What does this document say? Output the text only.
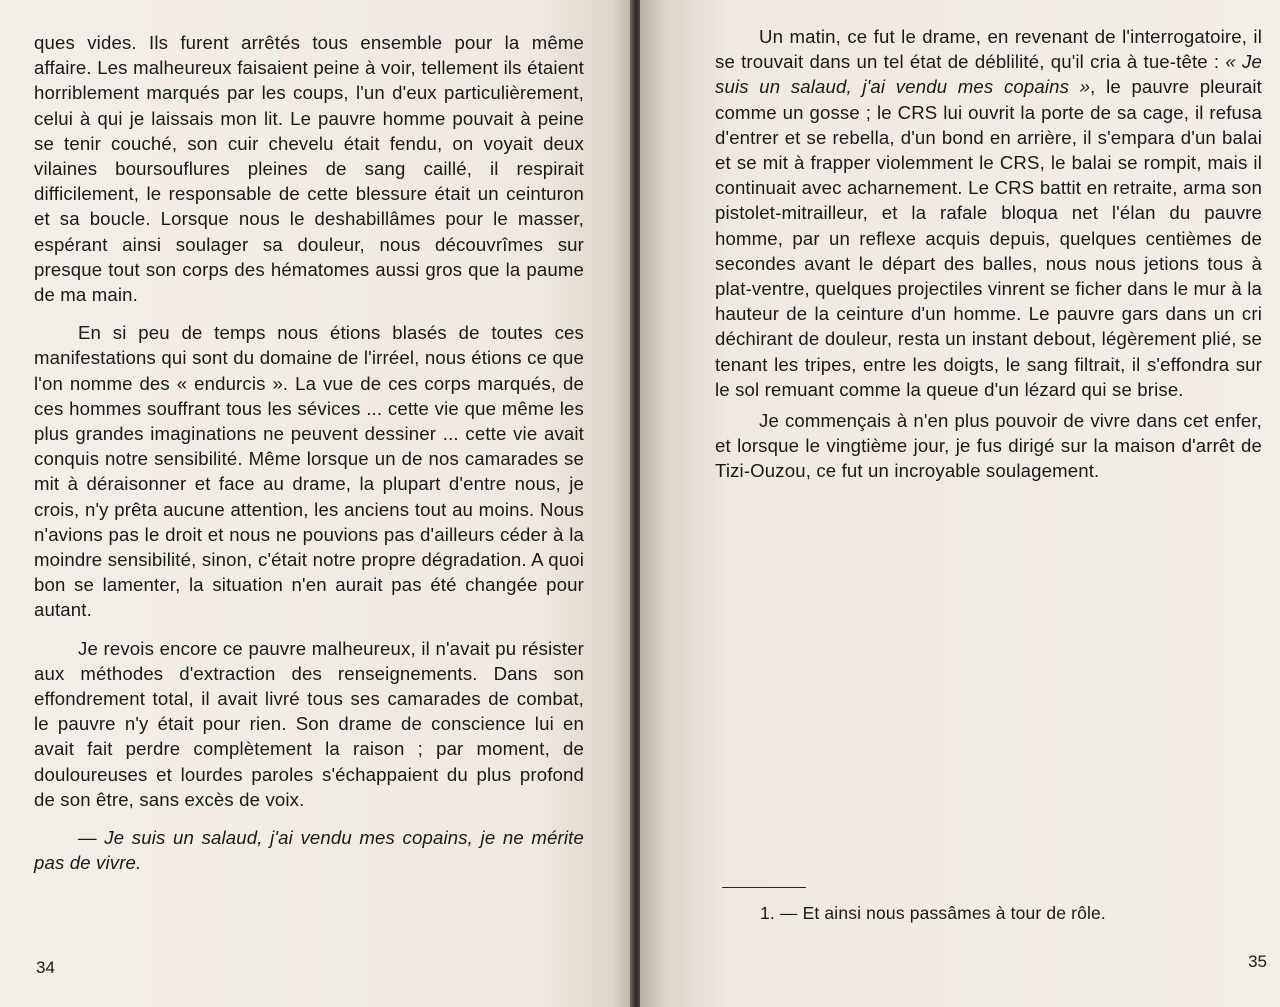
ques vides. Ils furent arrêtés tous ensemble pour la même affaire. Les malheureux faisaient peine à voir, tellement ils étaient horriblement marqués par les coups, l'un d'eux particulièrement, celui à qui je laissais mon lit. Le pauvre homme pouvait à peine se tenir couché, son cuir chevelu était fendu, on voyait deux vilaines boursouflures pleines de sang caillé, il respirait difficilement, le responsable de cette blessure était un ceinturon et sa boucle. Lorsque nous le deshabillâmes pour le masser, espérant ainsi soulager sa douleur, nous découvrîmes sur presque tout son corps des hématomes aussi gros que la paume de ma main.

En si peu de temps nous étions blasés de toutes ces manifestations qui sont du domaine de l'irréel, nous étions ce que l'on nomme des « endurcis ». La vue de ces corps marqués, de ces hommes souffrant tous les sévices ... cette vie que même les plus grandes imaginations ne peuvent dessiner ... cette vie avait conquis notre sensibilité. Même lorsque un de nos camarades se mit à déraisonner et face au drame, la plupart d'entre nous, je crois, n'y prêta aucune attention, les anciens tout au moins. Nous n'avions pas le droit et nous ne pouvions pas d'ailleurs céder à la moindre sensibilité, sinon, c'était notre propre dégradation. A quoi bon se lamenter, la situation n'en aurait pas été changée pour autant.

Je revois encore ce pauvre malheureux, il n'avait pu résister aux méthodes d'extraction des renseignements. Dans son effondrement total, il avait livré tous ses camarades de combat, le pauvre n'y était pour rien. Son drame de conscience lui en avait fait perdre complètement la raison ; par moment, de douloureuses et lourdes paroles s'échappaient du plus profond de son être, sans excès de voix.

— Je suis un salaud, j'ai vendu mes copains, je ne mérite pas de vivre.

34

Un matin, ce fut le drame, en revenant de l'interrogatoire, il se trouvait dans un tel état de déblilité, qu'il cria à tue-tête : « Je suis un salaud, j'ai vendu mes copains », le pauvre pleurait comme un gosse ; le CRS lui ouvrit la porte de sa cage, il refusa d'entrer et se rebella, d'un bond en arrière, il s'empara d'un balai et se mit à frapper violemment le CRS, le balai se rompit, mais il continuait avec acharnement. Le CRS battit en retraite, arma son pistolet-mitrailleur, et la rafale bloqua net l'élan du pauvre homme, par un reflexe acquis depuis, quelques centièmes de secondes avant le départ des balles, nous nous jetions tous à plat-ventre, quelques projectiles vinrent se ficher dans le mur à la hauteur de la ceinture d'un homme. Le pauvre gars dans un cri déchirant de douleur, resta un instant debout, légèrement plié, se tenant les tripes, entre les doigts, le sang filtrait, il s'effondra sur le sol remuant comme la queue d'un lézard qui se brise.

Je commençais à n'en plus pouvoir de vivre dans cet enfer, et lorsque le vingtième jour, je fus dirigé sur la maison d'arrêt de Tizi-Ouzou, ce fut un incroyable soulagement.

1. — Et ainsi nous passâmes à tour de rôle.
35
